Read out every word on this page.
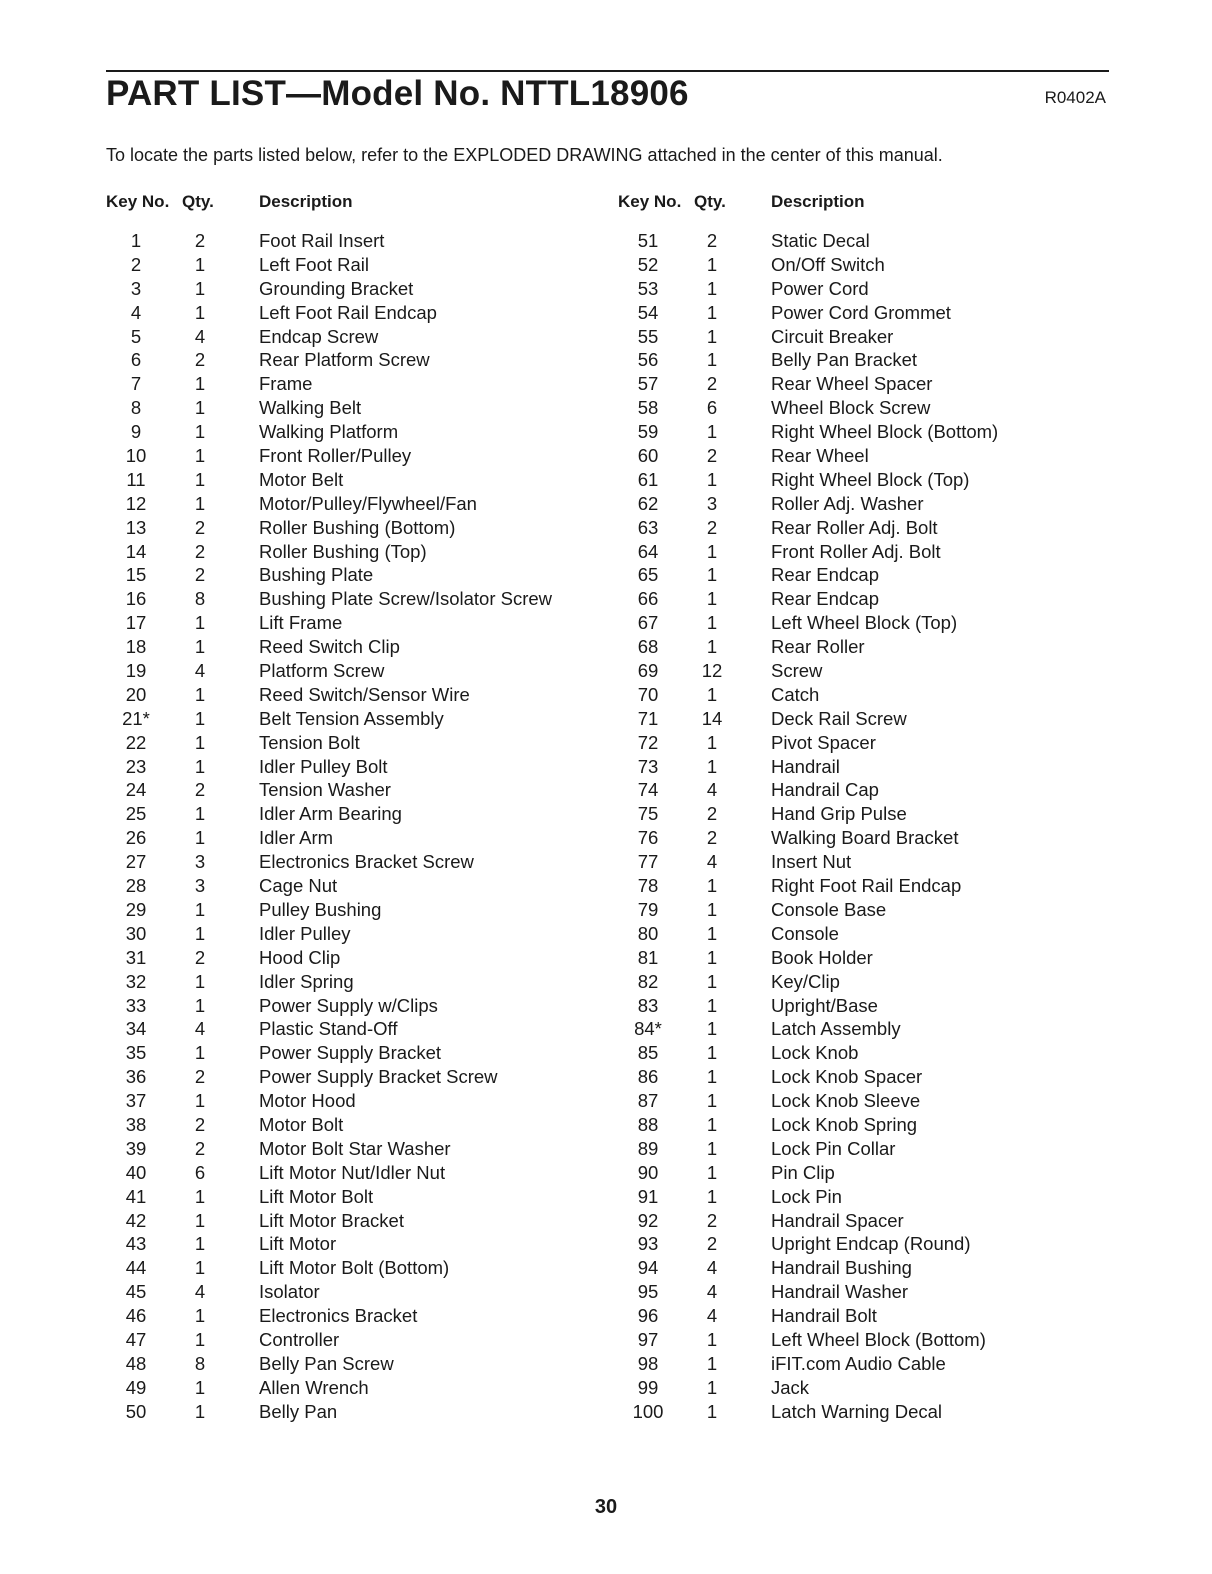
PART LIST—Model No. NTTL18906	R0402A
To locate the parts listed below, refer to the EXPLODED DRAWING attached in the center of this manual.
Key No. Qty.	Description	Key No. Qty.	Description
1	2	Foot Rail Insert
2	1	Left Foot Rail
3	1	Grounding Bracket
4	1	Left Foot Rail Endcap
5	4	Endcap Screw
6	2	Rear Platform Screw
7	1	Frame
8	1	Walking Belt
9	1	Walking Platform
10	1	Front Roller/Pulley
11	1	Motor Belt
12	1	Motor/Pulley/Flywheel/Fan
13	2	Roller Bushing (Bottom)
14	2	Roller Bushing (Top)
15	2	Bushing Plate
16	8	Bushing Plate Screw/Isolator Screw
17	1	Lift Frame
18	1	Reed Switch Clip
19	4	Platform Screw
20	1	Reed Switch/Sensor Wire
21*	1	Belt Tension Assembly
22	1	Tension Bolt
23	1	Idler Pulley Bolt
24	2	Tension Washer
25	1	Idler Arm Bearing
26	1	Idler Arm
27	3	Electronics Bracket Screw
28	3	Cage Nut
29	1	Pulley Bushing
30	1	Idler Pulley
31	2	Hood Clip
32	1	Idler Spring
33	1	Power Supply w/Clips
34	4	Plastic Stand-Off
35	1	Power Supply Bracket
36	2	Power Supply Bracket Screw
37	1	Motor Hood
38	2	Motor Bolt
39	2	Motor Bolt Star Washer
40	6	Lift Motor Nut/Idler Nut
41	1	Lift Motor Bolt
42	1	Lift Motor Bracket
43	1	Lift Motor
44	1	Lift Motor Bolt (Bottom)
45	4	Isolator
46	1	Electronics Bracket
47	1	Controller
48	8	Belly Pan Screw
49	1	Allen Wrench
50	1	Belly Pan
51	2	Static Decal
52	1	On/Off Switch
53	1	Power Cord
54	1	Power Cord Grommet
55	1	Circuit Breaker
56	1	Belly Pan Bracket
57	2	Rear Wheel Spacer
58	6	Wheel Block Screw
59	1	Right Wheel Block (Bottom)
60	2	Rear Wheel
61	1	Right Wheel Block (Top)
62	3	Roller Adj. Washer
63	2	Rear Roller Adj. Bolt
64	1	Front Roller Adj. Bolt
65	1	Rear Endcap
66	1	Rear Endcap
67	1	Left Wheel Block (Top)
68	1	Rear Roller
69	12	Screw
70	1	Catch
71	14	Deck Rail Screw
72	1	Pivot Spacer
73	1	Handrail
74	4	Handrail Cap
75	2	Hand Grip Pulse
76	2	Walking Board Bracket
77	4	Insert Nut
78	1	Right Foot Rail Endcap
79	1	Console Base
80	1	Console
81	1	Book Holder
82	1	Key/Clip
83	1	Upright/Base
84*	1	Latch Assembly
85	1	Lock Knob
86	1	Lock Knob Spacer
87	1	Lock Knob Sleeve
88	1	Lock Knob Spring
89	1	Lock Pin Collar
90	1	Pin Clip
91	1	Lock Pin
92	2	Handrail Spacer
93	2	Upright Endcap (Round)
94	4	Handrail Bushing
95	4	Handrail Washer
96	4	Handrail Bolt
97	1	Left Wheel Block (Bottom)
98	1	iFIT.com Audio Cable
99	1	Jack
100	1	Latch Warning Decal
30
